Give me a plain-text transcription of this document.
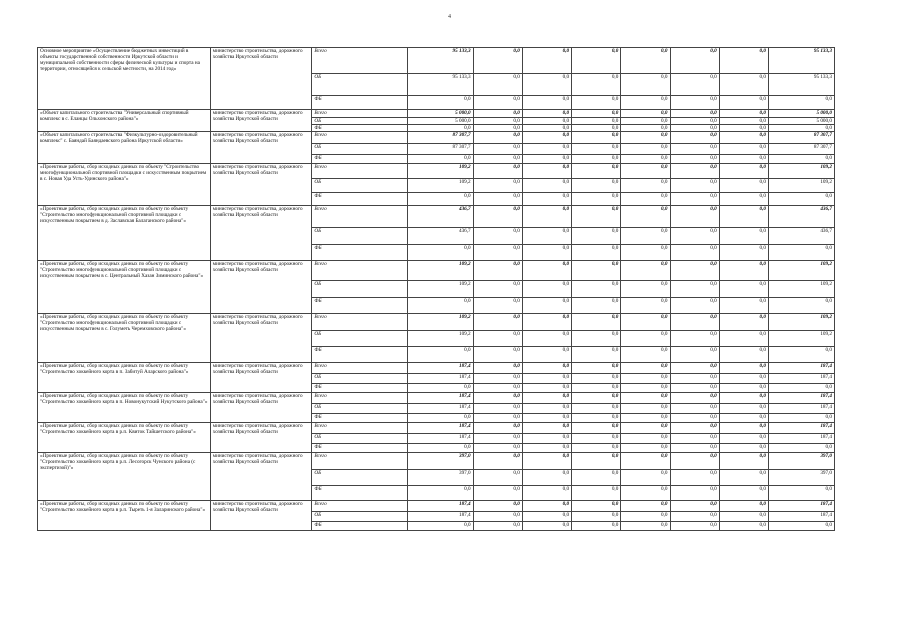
4
Основное мероприятие «Осуществление бюджетных инвестиций в объекты государственной собственности Иркутской области и муниципальной собственности сферы физической культуры и спорта на территории, относящейся к сельской местности, на 2014 год»	министерство строительства, дорожного хозяйства Иркутской области	Всего	95 133,3	0,0	0,0	0,0	0,0	0,0	0,0	95 133,3
		ОБ	95 133,3	0,0	0,0	0,0	0,0	0,0	0,0	95 133,3
		ФБ	0,0	0,0	0,0	0,0	0,0	0,0	0,0	0,0
«Объект капитального строительства "Универсальный спортивный комплекс в с. Еланцы Ольхонского района"»	министерство строительства, дорожного хозяйства Иркутской области	Всего	5 000,0	0,0	0,0	0,0	0,0	0,0	0,0	5 000,0
		ОБ	5 000,0	0,0	0,0	0,0	0,0	0,0	0,0	5 000,0
		ФБ	0,0	0,0	0,0	0,0	0,0	0,0	0,0	0,0
«Объект капитального строительства "Физкультурно-оздоровительный комплекс" с. Баяндай Баяндаевского района Иркутской области»	министерство строительства, дорожного хозяйства Иркутской области	Всего	87 307,7	0,0	0,0	0,0	0,0	0,0	0,0	87 307,7
		ОБ	87 307,7	0,0	0,0	0,0	0,0	0,0	0,0	87 307,7
		ФБ	0,0	0,0	0,0	0,0	0,0	0,0	0,0	0,0
«Проектные работы, сбор исходных данных по объекту "Строительство многофункциональной спортивной площадки с искусственным покрытием в с. Новая Уда Усть-Удинского района"»	министерство строительства, дорожного хозяйства Иркутской области	Всего	109,2	0,0	0,0	0,0	0,0	0,0	0,0	109,2
		ОБ	109,2	0,0	0,0	0,0	0,0	0,0	0,0	109,2
		ФБ	0,0	0,0	0,0	0,0	0,0	0,0	0,0	0,0
«Проектные работы, сбор исходных данных по объекту по объекту "Строительство многофункциональной спортивной площадки с искусственным покрытием в д. Заславская Балаганского района"»	министерство строительства, дорожного хозяйства Иркутской области	Всего	436,7	0,0	0,0	0,0	0,0	0,0	0,0	436,7
		ОБ	436,7	0,0	0,0	0,0	0,0	0,0	0,0	436,7
		ФБ	0,0	0,0	0,0	0,0	0,0	0,0	0,0	0,0
«Проектные работы, сбор исходных данных по объекту по объекту "Строительство многофункциональной спортивной площадки с искусственным покрытием в с. Центральный Хазан Зиминского района"»	министерство строительства, дорожного хозяйства Иркутской области	Всего	109,2	0,0	0,0	0,0	0,0	0,0	0,0	109,2
		ОБ	109,2	0,0	0,0	0,0	0,0	0,0	0,0	109,2
		ФБ	0,0	0,0	0,0	0,0	0,0	0,0	0,0	0,0
«Проектные работы, сбор исходных данных по объекту по объекту "Строительство многофункциональной спортивной площадки с искусственным покрытием в с. Голуметь Черемховского района"»	министерство строительства, дорожного хозяйства Иркутской области	Всего	109,2	0,0	0,0	0,0	0,0	0,0	0,0	109,2
		ОБ	109,2	0,0	0,0	0,0	0,0	0,0	0,0	109,2
		ФБ	0,0	0,0	0,0	0,0	0,0	0,0	0,0	0,0
«Проектные работы, сбор исходных данных по объекту по объекту "Строительство хоккейного корта в п. Забитуй Аларского района"»	министерство строительства, дорожного хозяйства Иркутской области	Всего	187,4	0,0	0,0	0,0	0,0	0,0	0,0	187,4
		ОБ	187,4	0,0	0,0	0,0	0,0	0,0	0,0	187,4
		ФБ	0,0	0,0	0,0	0,0	0,0	0,0	0,0	0,0
«Проектные работы, сбор исходных данных по объекту по объекту "Строительство хоккейного корта в п. Новонукутский Нукутского района"»	министерство строительства, дорожного хозяйства Иркутской области	Всего	187,4	0,0	0,0	0,0	0,0	0,0	0,0	187,4
		ОБ	187,4	0,0	0,0	0,0	0,0	0,0	0,0	187,4
		ФБ	0,0	0,0	0,0	0,0	0,0	0,0	0,0	0,0
«Проектные работы, сбор исходных данных по объекту по объекту "Строительство хоккейного корта в р.п. Квиток Тайшетского района"»	министерство строительства, дорожного хозяйства Иркутской области	Всего	187,4	0,0	0,0	0,0	0,0	0,0	0,0	187,4
		ОБ	187,4	0,0	0,0	0,0	0,0	0,0	0,0	187,4
		ФБ	0,0	0,0	0,0	0,0	0,0	0,0	0,0	0,0
«Проектные работы, сбор исходных данных по объекту по объекту "Строительство хоккейного корта в р.п. Лесогорск Чунского района (с экспертизой)"»	министерство строительства, дорожного хозяйства Иркутской области	Всего	397,0	0,0	0,0	0,0	0,0	0,0	0,0	397,0
		ОБ	397,0	0,0	0,0	0,0	0,0	0,0	0,0	397,0
		ФБ	0,0	0,0	0,0	0,0	0,0	0,0	0,0	0,0
«Проектные работы, сбор исходных данных по объекту по объекту "Строительство хоккейного корта в р.п. Тыреть 1-я Заларинского района"»	министерство строительства, дорожного хозяйства Иркутской области	Всего	187,4	0,0	0,0	0,0	0,0	0,0	0,0	187,4
		ОБ	187,4	0,0	0,0	0,0	0,0	0,0	0,0	187,4
		ФБ	0,0	0,0	0,0	0,0	0,0	0,0	0,0	0,0
